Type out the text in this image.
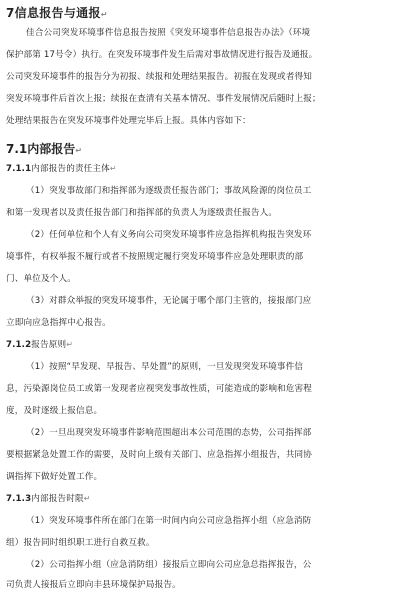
7信息报告与通报↵
佳合公司突发环境事件信息报告按照《突发环境事件信息报告办法》（环境
保护部第 17号令）执行。在突发环境事件发生后需对事故情况进行报告及通报。
公司突发环境事件的报告分为初报、续报和处理结果报告。初报在发现或者得知
突发环境事件后首次上报；续报在查清有关基本情况、事件发展情况后随时上报；
处理结果报告在突发环境事件处理完毕后上报。具体内容如下：
7.1内部报告↵
7.1.1内部报告的责任主体↵
（1）突发事故部门和指挥部为逐级责任报告部门；事故风险源的岗位员工
和第一发现者以及责任报告部门和指挥部的负责人为逐级责任报告人。
（2）任何单位和个人有义务向公司突发环境事件应急指挥机构报告突发环
境事件，有权举报不履行或者不按照规定履行突发环境事件应急处理职责的部
门、单位及个人。
（3）对群众举报的突发环境事件，无论属于哪个部门主管的，接报部门应
立即向应急指挥中心报告。
7.1.2报告原则↵
（1）按照“早发现、早报告、早处置”的原则，一旦发现突发环境事件信
息，污染源岗位员工或第一发现者应视突发事故性质，可能造成的影响和危害程
度，及时逐级上报信息。
（2）一旦出现突发环境事件影响范围超出本公司范围的态势，公司指挥部
要根据紧急处置工作的需要，及时向上级有关部门、应急指挥小组报告，共同协
调指挥下做好处置工作。
7.1.3内部报告时限↵
（1）突发环境事件所在部门在第一时间内向公司应急指挥小组（应急消防
组）报告同时组织职工进行自救互救。
（2）公司指挥小组（应急消防组）接报后立即向公司应急总指挥报告，公
司负责人接报后立即向丰县环境保护局报告。
